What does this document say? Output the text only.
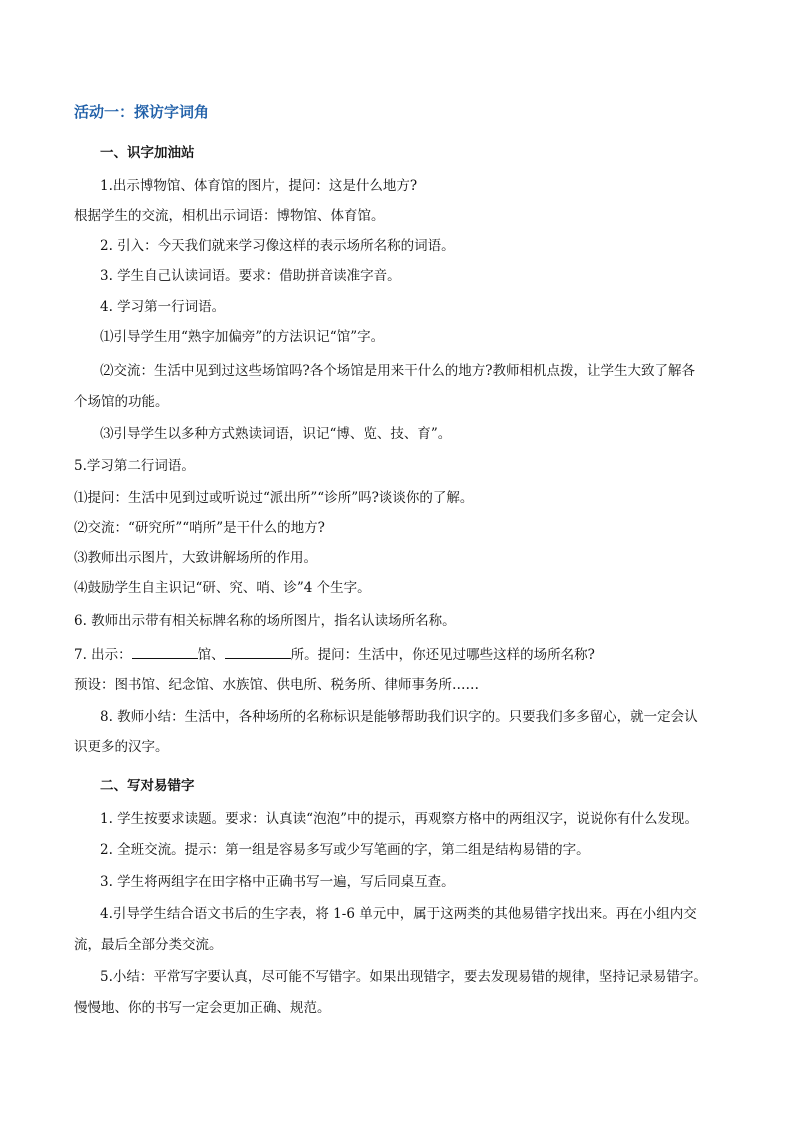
活动一：探访字词角
一、识字加油站
1.出示博物馆、体育馆的图片，提问：这是什么地方?
根据学生的交流，相机出示词语：博物馆、体育馆。
2. 引入：今天我们就来学习像这样的表示场所名称的词语。
3. 学生自己认读词语。要求：借助拼音读准字音。
4. 学习第一行词语。
⑴引导学生用“熟字加偏旁”的方法识记“馆”字。
⑵交流：生活中见到过这些场馆吗?各个场馆是用来干什么的地方?教师相机点拨，让学生大致了解各
个场馆的功能。
⑶引导学生以多种方式熟读词语，识记“博、览、技、育”。
5.学习第二行词语。
⑴提问：生活中见到过或听说过“派出所”“诊所”吗?谈谈你的了解。
⑵交流：“研究所”“哨所”是干什么的地方?
⑶教师出示图片，大致讲解场所的作用。
⑷鼓励学生自主识记“研、究、哨、诊”4 个生字。
6. 教师出示带有相关标牌名称的场所图片，指名认读场所名称。
7. 出示：	馆、	所。提问：生活中，你还见过哪些这样的场所名称?
预设：图书馆、纪念馆、水族馆、供电所、税务所、律师事务所……
8. 教师小结：生活中，各种场所的名称标识是能够帮助我们识字的。只要我们多多留心，就一定会认
识更多的汉字。
二、写对易错字
1. 学生按要求读题。要求：认真读“泡泡”中的提示，再观察方格中的两组汉字，说说你有什么发现。
2. 全班交流。提示：第一组是容易多写或少写笔画的字，第二组是结构易错的字。
3. 学生将两组字在田字格中正确书写一遍，写后同桌互查。
4.引导学生结合语文书后的生字表，将 1-6 单元中，属于这两类的其他易错字找出来。再在小组内交
流，最后全部分类交流。
5.小结：平常写字要认真，尽可能不写错字。如果出现错字，要去发现易错的规律，坚持记录易错字。
慢慢地、你的书写一定会更加正确、规范。
